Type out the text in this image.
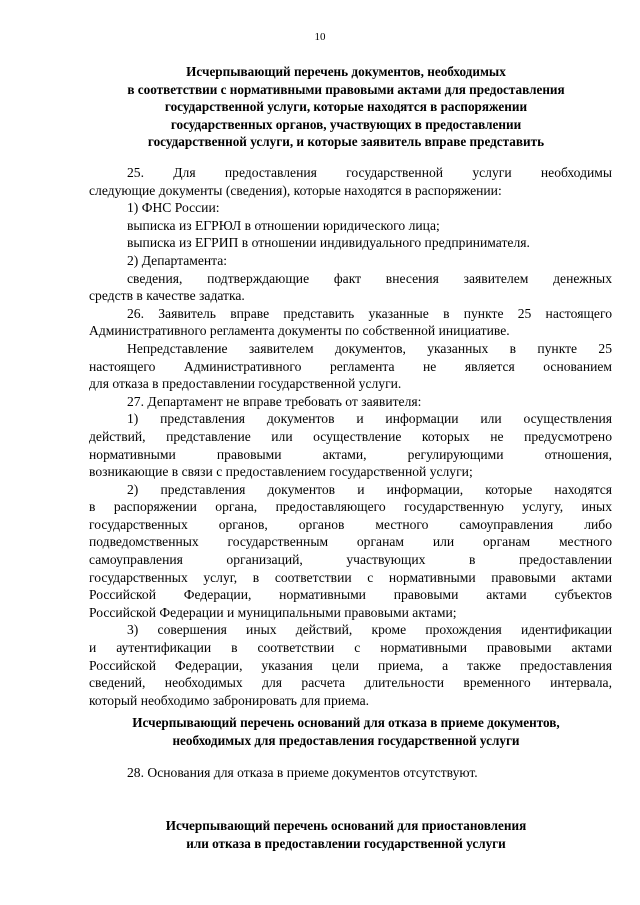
10
Исчерпывающий перечень документов, необходимых
в соответствии с нормативными правовыми актами для предоставления
государственной услуги, которые находятся в распоряжении
государственных органов, участвующих в предоставлении
государственной услуги, и которые заявитель вправе представить

25. Для предоставления государственной услуги необходимы

следующие документы (сведения), которые находятся в распоряжении:

1) ФНС России:

выписка из ЕГРЮЛ в отношении юридического лица;

выписка из ЕГРИП в отношении индивидуального предпринимателя.

2) Департамента:

сведения, подтверждающие факт внесения заявителем денежных

средств в качестве задатка.

26. Заявитель вправе представить указанные в пункте 25 настоящего

Административного регламента документы по собственной инициативе.

Непредставление заявителем документов, указанных в пункте 25

настоящего Административного регламента не является основанием

для отказа в предоставлении государственной услуги.

27. Департамент не вправе требовать от заявителя:

1) представления документов и информации или осуществления

действий, представление или осуществление которых не предусмотрено

нормативными правовыми актами, регулирующими отношения,

возникающие в связи с предоставлением государственной услуги;

2) представления документов и информации, которые находятся

в распоряжении органа, предоставляющего государственную услугу, иных

государственных органов, органов местного самоуправления либо

подведомственных государственным органам или органам местного

самоуправления организаций, участвующих в предоставлении

государственных услуг, в соответствии с нормативными правовыми актами

Российской Федерации, нормативными правовыми актами субъектов

Российской Федерации и муниципальными правовыми актами;

3) совершения иных действий, кроме прохождения идентификации

и аутентификации в соответствии с нормативными правовыми актами

Российской Федерации, указания цели приема, а также предоставления

сведений, необходимых для расчета длительности временного интервала,

который необходимо забронировать для приема.

Исчерпывающий перечень оснований для отказа в приеме документов,
необходимых для предоставления государственной услуги
28. Основания для отказа в приеме документов отсутствуют.
Исчерпывающий перечень оснований для приостановления
или отказа в предоставлении государственной услуги
